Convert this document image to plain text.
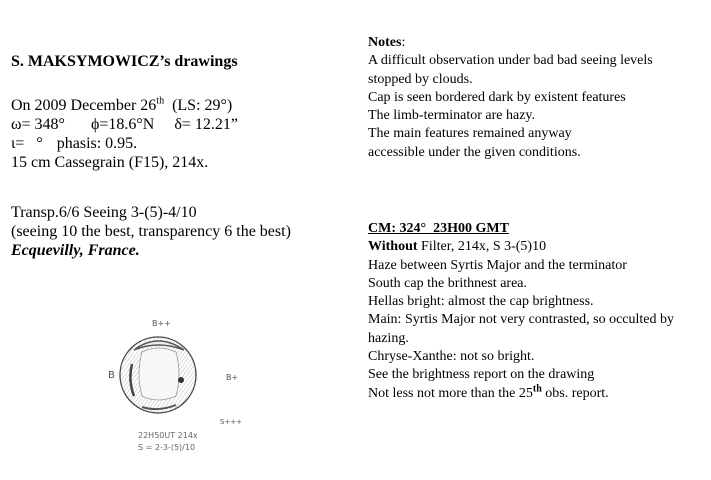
S. MAKSYMOWICZ’s drawings
On 2009 December 26th  (LS: 29°)
ω= 348° ϕ=18.6°N δ= 12.21”
ι=   ° phasis: 0.95.
15 cm Cassegrain (F15), 214x.
Transp.6/6 Seeing 3-(5)-4/10
(seeing 10 the best, transparency 6 the best)
Ecquevilly, France.
B++
B	B+
S+++
22H50UT 214x
S = 2-3-(5)/10
Notes:
A difficult observation under bad bad seeing levels
stopped by clouds.
Cap is seen bordered dark by existent features
The limb-terminator are hazy.
The main features remained anyway
accessible under the given conditions.
CM: 324°  23H00 GMT
Without Filter, 214x, S 3-(5)10
Haze between Syrtis Major and the terminator
South cap the brithnest area.
Hellas bright: almost the cap brightness.
Main: Syrtis Major not very contrasted, so occulted by hazing.
Chryse-Xanthe: not so bright.
See the brightness report on the drawing
Not less not more than the 25th obs. report.
